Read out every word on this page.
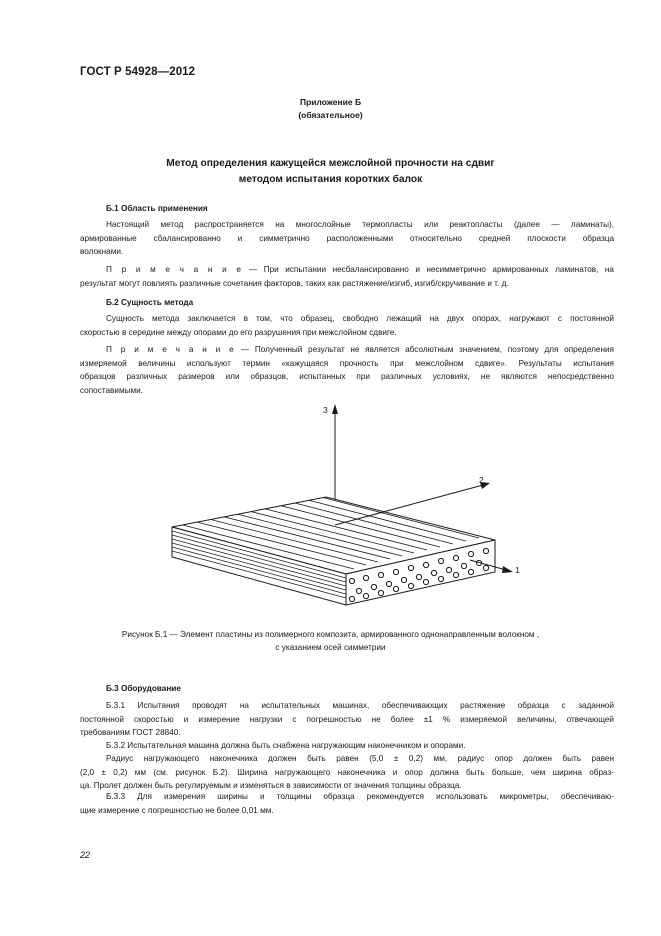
ГОСТ Р 54928—2012
Приложение Б
(обязательное)
Метод определения кажущейся межслойной прочности на сдвиг
методом испытания коротких балок
Б.1 Область применения
Настоящий метод распространяется на многослойные термопласты или реактопласты (далее — ламинаты),
армированные сбалансированно и симметрично расположенными относительно средней плоскости образца
волокнами.
П р и м е ч а н и е — При испытании несбалансированно и несимметрично армированных ламинатов, на
результат могут повлиять различные сочетания факторов, таких как растяжение/изгиб, изгиб/скручивание и т. д.
Б.2 Сущность метода
Сущность метода заключается в том, что образец, свободно лежащий на двух опорах, нагружают с постоянной
скоростью в середине между опорами до его разрушения при межслойном сдвиге.
П р и м е ч а н и е — Полученный результат не является абсолютным значением, поэтому для определения
измеряемой величины используют термин «кажущаяся прочность при межслойном сдвиге». Результаты испытания
образцов различных размеров или образцов, испытанных при различных условиях, не являются непосредственно
сопоставимыми.
3
2
1
Рисунок Б.1 — Элемент пластины из полимерного композита, армированного однонаправленным волокном ,
с указанием осей симметрии
Б.3 Оборудование
Б.3.1 Испытания проводят на испытательных машинах, обеспечивающих растяжение образца с заданной
постоянной скоростью и измерение нагрузки с погрешностью не более ±1 % измеряемой величины, отвечающей
требованиям ГОСТ 28840.
Б.3.2 Испытательная машина должна быть снабжена нагружающим наконечником и опорами.
Радиус нагружающего наконечника должен быть равен (5,0 ± 0,2) мм, радиус опор должен быть равен
(2,0 ± 0,2) мм (см. рисунок Б.2). Ширина нагружающего наконечника и опор должна быть больше, чем ширина образ-
ца. Пролет должен быть регулируемым и изменяться в зависимости от значения толщины образца.
Б.3.3 Для измерения ширины и толщины образца рекомендуется использовать микрометры, обеспечиваю-
щие измерение с погрешностью не более 0,01 мм.
22
